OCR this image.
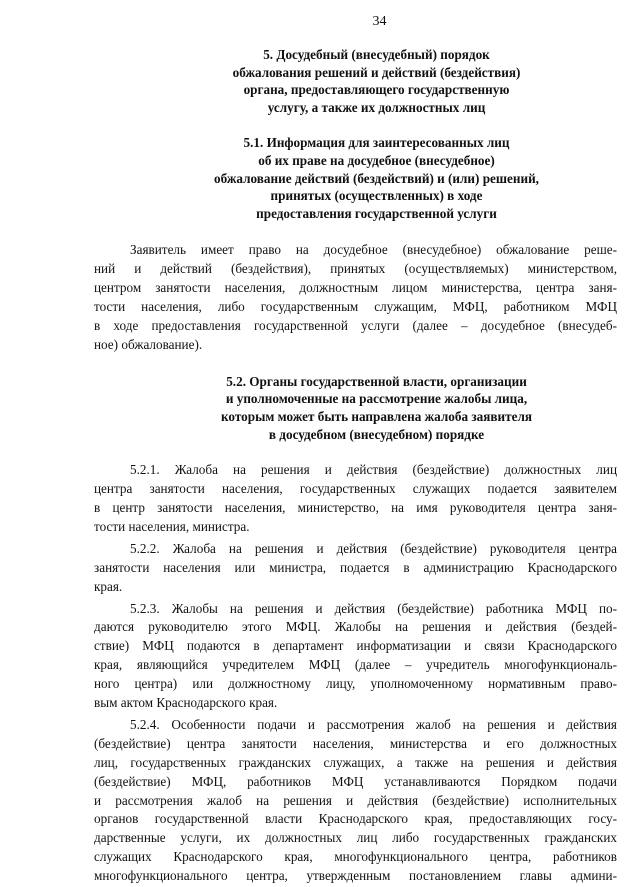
34
5. Досудебный (внесудебный) порядок
обжалования решений и действий (бездействия)
органа, предоставляющего государственную
услугу, а также их должностных лиц
5.1. Информация для заинтересованных лиц
об их праве на досудебное (внесудебное)
обжалование действий (бездействий) и (или) решений,
принятых (осуществленных) в ходе
предоставления государственной услуги
Заявитель имеет право на досудебное (внесудебное) обжалование реше-
ний и действий (бездействия), принятых (осуществляемых) министерством,
центром занятости населения, должностным лицом министерства, центра заня-
тости населения, либо государственным служащим, МФЦ, работником МФЦ
в ходе предоставления государственной услуги (далее – досудебное (внесудеб-
ное) обжалование).
5.2. Органы государственной власти, организации
и уполномоченные на рассмотрение жалобы лица,
которым может быть направлена жалоба заявителя
в досудебном (внесудебном) порядке
5.2.1. Жалоба на решения и действия (бездействие) должностных лиц
центра занятости населения, государственных служащих подается заявителем
в центр занятости населения, министерство, на имя руководителя центра заня-
тости населения, министра.
5.2.2. Жалоба на решения и действия (бездействие) руководителя центра
занятости населения или министра, подается в администрацию Краснодарского
края.
5.2.3. Жалобы на решения и действия (бездействие) работника МФЦ по-
даются руководителю этого МФЦ. Жалобы на решения и действия (бездей-
ствие) МФЦ подаются в департамент информатизации и связи Краснодарского
края, являющийся учредителем МФЦ (далее – учредитель многофункциональ-
ного центра) или должностному лицу, уполномоченному нормативным право-
вым актом Краснодарского края.
5.2.4. Особенности подачи и рассмотрения жалоб на решения и действия
(бездействие) центра занятости населения, министерства и его должностных
лиц, государственных гражданских служащих, а также на решения и действия
(бездействие) МФЦ, работников МФЦ устанавливаются Порядком подачи
и рассмотрения жалоб на решения и действия (бездействие) исполнительных
органов государственной власти Краснодарского края, предоставляющих госу-
дарственные услуги, их должностных лиц либо государственных гражданских
служащих Краснодарского края, многофункционального центра, работников
многофункционального центра, утвержденным постановлением главы админи-
